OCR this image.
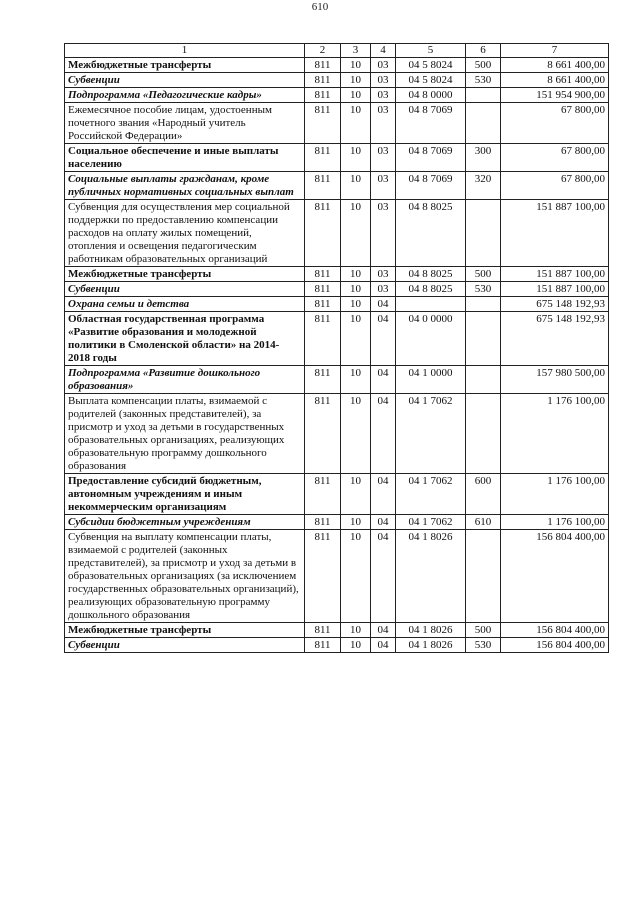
610
1	2	3	4	5	6	7
Межбюджетные трансферты	811	10	03	04 5 8024	500	8 661 400,00
Субвенции	811	10	03	04 5 8024	530	8 661 400,00
Подпрограмма «Педагогические кадры»	811	10	03	04 8 0000		151 954 900,00
Ежемесячное пособие лицам, удостоенным почетного звания «Народный учитель Российской Федерации»	811	10	03	04 8 7069		67 800,00
Социальное обеспечение и иные выплаты населению	811	10	03	04 8 7069	300	67 800,00
Социальные выплаты гражданам, кроме публичных нормативных социальных выплат	811	10	03	04 8 7069	320	67 800,00
Субвенция для осуществления мер социальной поддержки по предоставлению компенсации расходов на оплату жилых помещений, отопления и освещения педагогическим работникам образовательных организаций	811	10	03	04 8 8025		151 887 100,00
Межбюджетные трансферты	811	10	03	04 8 8025	500	151 887 100,00
Субвенции	811	10	03	04 8 8025	530	151 887 100,00
Охрана семьи и детства	811	10	04			675 148 192,93
Областная государственная программа «Развитие образования и молодежной политики в Смоленской области» на 2014-2018 годы	811	10	04	04 0 0000		675 148 192,93
Подпрограмма «Развитие дошкольного образования»	811	10	04	04 1 0000		157 980 500,00
Выплата компенсации платы, взимаемой с родителей (законных представителей), за присмотр и уход за детьми в государственных образовательных организациях, реализующих образовательную программу дошкольного образования	811	10	04	04 1 7062		1 176 100,00
Предоставление субсидий бюджетным, автономным учреждениям и иным некоммерческим организациям	811	10	04	04 1 7062	600	1 176 100,00
Субсидии бюджетным учреждениям	811	10	04	04 1 7062	610	1 176 100,00
Субвенция на выплату компенсации платы, взимаемой с родителей (законных представителей), за присмотр и уход за детьми в образовательных организациях (за исключением государственных образовательных организаций), реализующих образовательную программу дошкольного образования	811	10	04	04 1 8026		156 804 400,00
Межбюджетные трансферты	811	10	04	04 1 8026	500	156 804 400,00
Субвенции	811	10	04	04 1 8026	530	156 804 400,00
